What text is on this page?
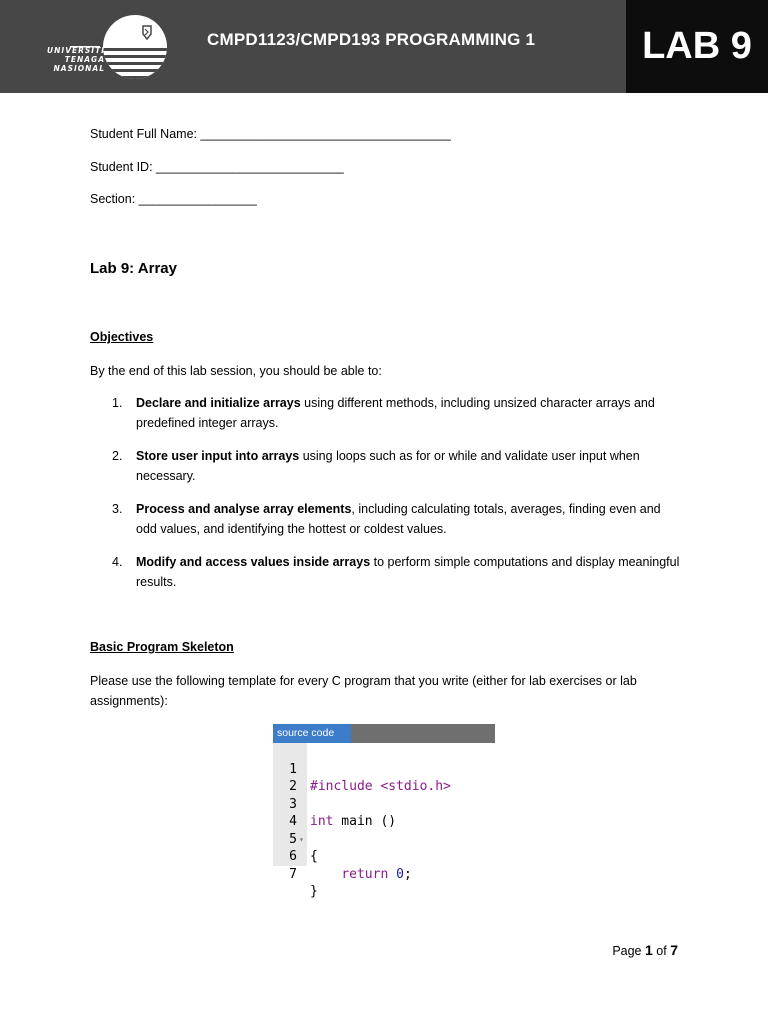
UNIVERSITI
TENAGA
NASIONAL
CMPD1123/CMPD193 PROGRAMMING 1	LAB 9
Student Full Name: ____________________________________
Student ID: ___________________________
Section: _________________
Lab 9: Array
Objectives
By the end of this lab session, you should be able to:
1. Declare and initialize arrays using different methods, including unsized character arrays and predefined integer arrays.
2. Store user input into arrays using loops such as for or while and validate user input when necessary.
3. Process and analyse array elements, including calculating totals, averages, finding even and odd values, and identifying the hottest or coldest values.
4. Modify and access values inside arrays to perform simple computations and display meaningful results.
Basic Program Skeleton
Please use the following template for every C program that you write (either for lab exercises or lab assignments):
source code

1

#include <stdio.h>

2

3

int main ()

4

▾

{

5

6

return 0;

7

}

Page 1 of 7
